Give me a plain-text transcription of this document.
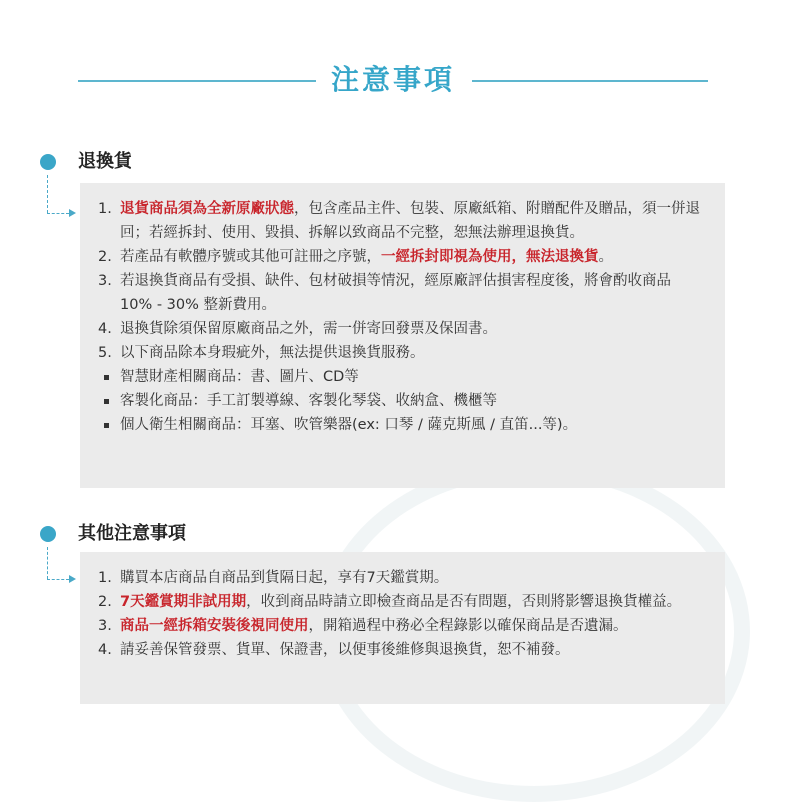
注意事項
退換貨
1. 退貨商品須為全新原廠狀態，包含產品主件、包裝、原廠紙箱、附贈配件及贈品，須一併退回；若經拆封、使用、毀損、拆解以致商品不完整，恕無法辦理退換貨。
2. 若產品有軟體序號或其他可註冊之序號，一經拆封即視為使用，無法退換貨。
3. 若退換貨商品有受損、缺件、包材破損等情況，經原廠評估損害程度後，將會酌收商品 10% - 30% 整新費用。
4. 退換貨除須保留原廠商品之外，需一併寄回發票及保固書。
5. 以下商品除本身瑕疵外，無法提供退換貨服務。
智慧財產相關商品：書、圖片、CD等
客製化商品：手工訂製導線、客製化琴袋、收納盒、機櫃等
個人衛生相關商品：耳塞、吹管樂器(ex: 口琴 / 薩克斯風 / 直笛...等)。
其他注意事項
1. 購買本店商品自商品到貨隔日起，享有7天鑑賞期。
2. 7天鑑賞期非試用期，收到商品時請立即檢查商品是否有問題，否則將影響退換貨權益。
3. 商品一經拆箱安裝後視同使用，開箱過程中務必全程錄影以確保商品是否遺漏。
4. 請妥善保管發票、貨單、保證書，以便事後維修與退換貨，恕不補發。
